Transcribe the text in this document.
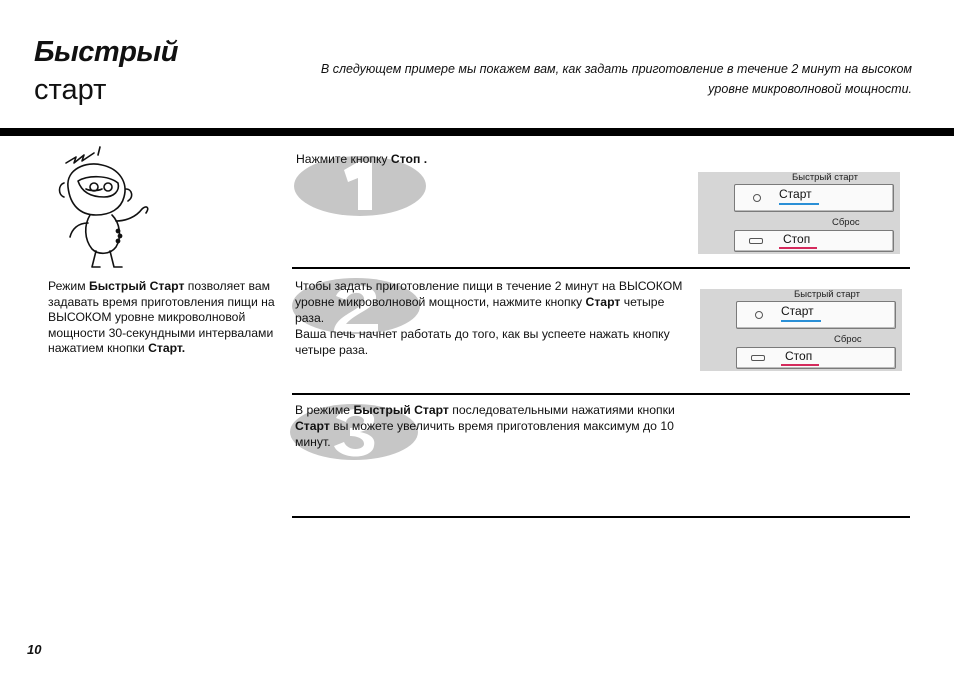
Быстрый
старт
В следующем примере мы покажем вам, как задать приготовление в течение 2 минут на высоком уровне микроволновой мощности.
Режим Быстрый Старт позволяет вам задавать время приготовления пищи на ВЫСОКОМ уровне микроволновой мощности 30-секундными интервалами нажатием кнопки Старт.
Нажмите кнопку Стоп .
Быстрый старт
Старт
Сброс
Стоп
Чтобы задать приготовление пищи в течение 2 минут на ВЫСОКОМ уровне микроволновой мощности, нажмите кнопку Старт четыре раза.
Ваша печь начнет работать до того, как вы успеете нажать кнопку четыре раза.
Быстрый старт
Старт
Сброс
Стоп
В режиме Быстрый Старт последовательными нажатиями кнопки Старт вы можете увеличить время приготовления максимум до 10 минут.
10
